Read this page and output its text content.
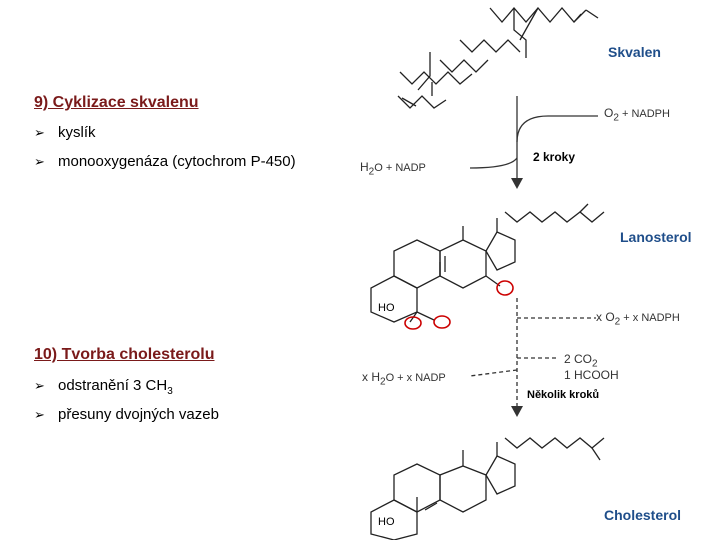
9) Cyklizace skvalenu
➢ kyslík
➢ monooxygenáza (cytochrom P-450)
10) Tvorba cholesterolu
➢ odstranění 3 $CH_3$
➢ přesuny dvojných vazeb
Skvalen
$O_2$ + NADPH
$H_2O$ + NADP
2 kroky
Lanosterol
HO
x $O_2 + x$ NADPH
2 $CO_2$
1 HCOOH
x $H_2O + x$ NADP
Několik kroků
Cholesterol
HO
